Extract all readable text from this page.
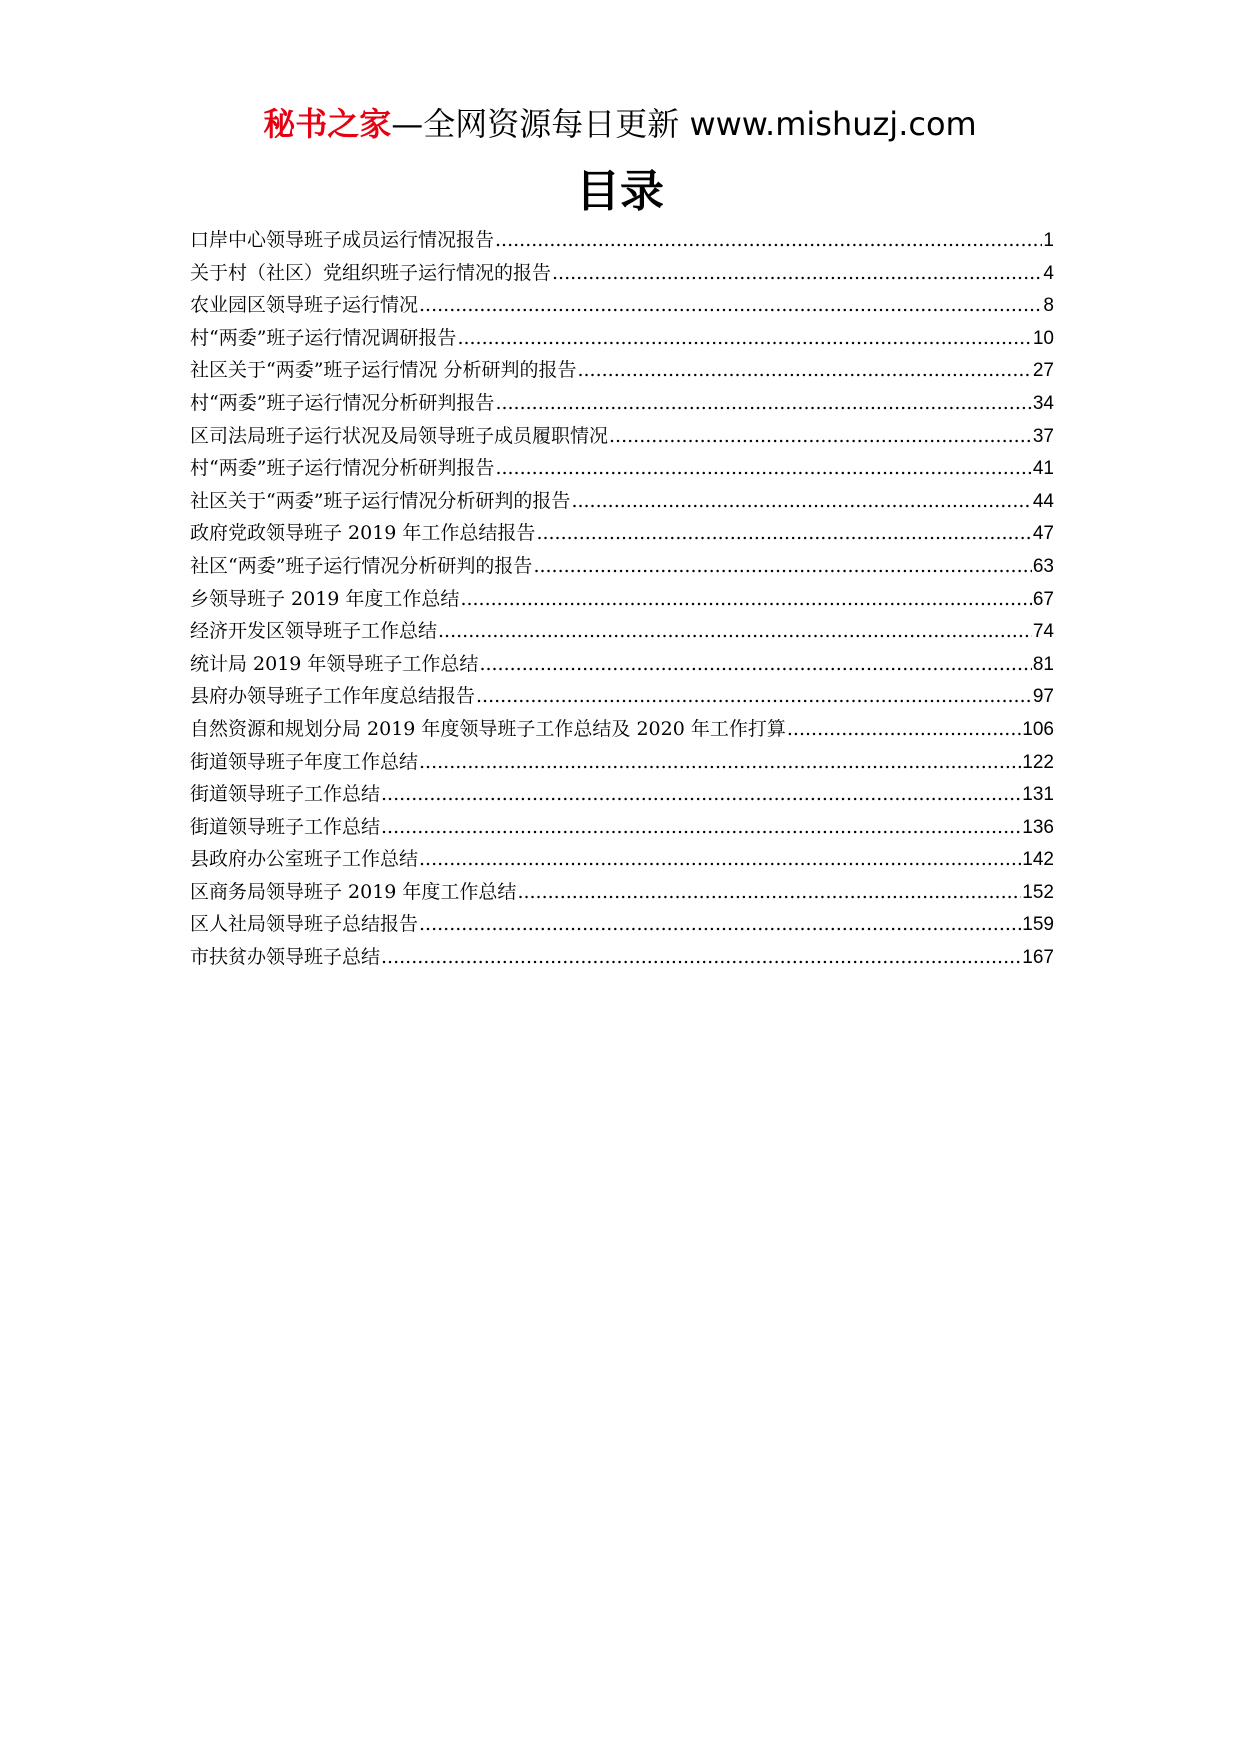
秘书之家—全网资源每日更新 www.mishuzj.com
目录
口岸中心领导班子成员运行情况报告 .....	1
关于村（社区）党组织班子运行情况的报告 .....	4
农业园区领导班子运行情况 .....	8
村“两委”班子运行情况调研报告 .....	10
社区关于“两委”班子运行情况 分析研判的报告 .....	27
村“两委”班子运行情况分析研判报告 .....	34
区司法局班子运行状况及局领导班子成员履职情况 .....	37
村“两委”班子运行情况分析研判报告 .....	41
社区关于“两委”班子运行情况分析研判的报告 .....	44
政府党政领导班子 2019 年工作总结报告 .....	47
社区“两委”班子运行情况分析研判的报告 .....	63
乡领导班子 2019 年度工作总结 .....	67
经济开发区领导班子工作总结 .....	74
统计局 2019 年领导班子工作总结 .....	81
县府办领导班子工作年度总结报告 .....	97
自然资源和规划分局 2019 年度领导班子工作总结及 2020 年工作打算 .....	106
街道领导班子年度工作总结 .....	122
街道领导班子工作总结 .....	131
街道领导班子工作总结 .....	136
县政府办公室班子工作总结 .....	142
区商务局领导班子 2019 年度工作总结 .....	152
区人社局领导班子总结报告 .....	159
市扶贫办领导班子总结 .....	167
